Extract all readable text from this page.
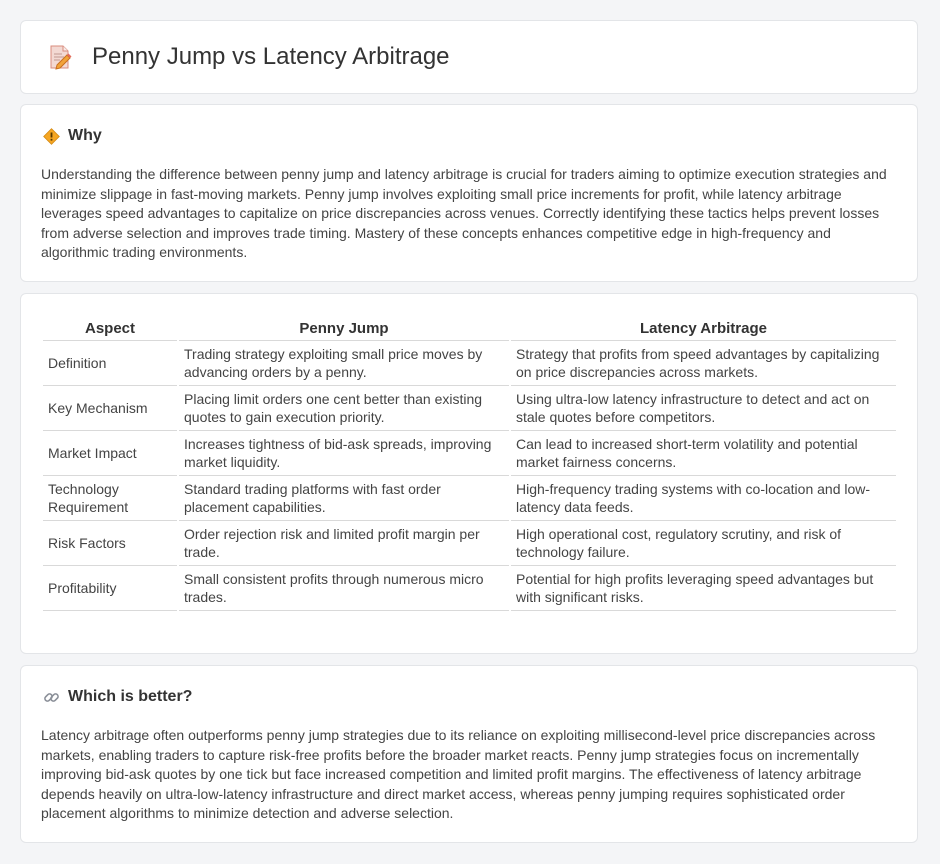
Penny Jump vs Latency Arbitrage
Why

Understanding the difference between penny jump and latency arbitrage is crucial for traders aiming to optimize execution strategies and minimize slippage in fast-moving markets. Penny jump involves exploiting small price increments for profit, while latency arbitrage leverages speed advantages to capitalize on price discrepancies across venues. Correctly identifying these tactics helps prevent losses from adverse selection and improves trade timing. Mastery of these concepts enhances competitive edge in high-frequency and algorithmic trading environments.

Aspect	Penny Jump	Latency Arbitrage
Definition	Trading strategy exploiting small price moves by advancing orders by a penny.	Strategy that profits from speed advantages by capitalizing on price discrepancies across markets.
Key Mechanism	Placing limit orders one cent better than existing quotes to gain execution priority.	Using ultra-low latency infrastructure to detect and act on stale quotes before competitors.
Market Impact	Increases tightness of bid-ask spreads, improving market liquidity.	Can lead to increased short-term volatility and potential market fairness concerns.
Technology Requirement	Standard trading platforms with fast order placement capabilities.	High-frequency trading systems with co-location and low-latency data feeds.
Risk Factors	Order rejection risk and limited profit margin per trade.	High operational cost, regulatory scrutiny, and risk of technology failure.
Profitability	Small consistent profits through numerous micro trades.	Potential for high profits leveraging speed advantages but with significant risks.
Which is better?

Latency arbitrage often outperforms penny jump strategies due to its reliance on exploiting millisecond-level price discrepancies across markets, enabling traders to capture risk-free profits before the broader market reacts. Penny jump strategies focus on incrementally improving bid-ask quotes by one tick but face increased competition and limited profit margins. The effectiveness of latency arbitrage depends heavily on ultra-low-latency infrastructure and direct market access, whereas penny jumping requires sophisticated order placement algorithms to minimize detection and adverse selection.
